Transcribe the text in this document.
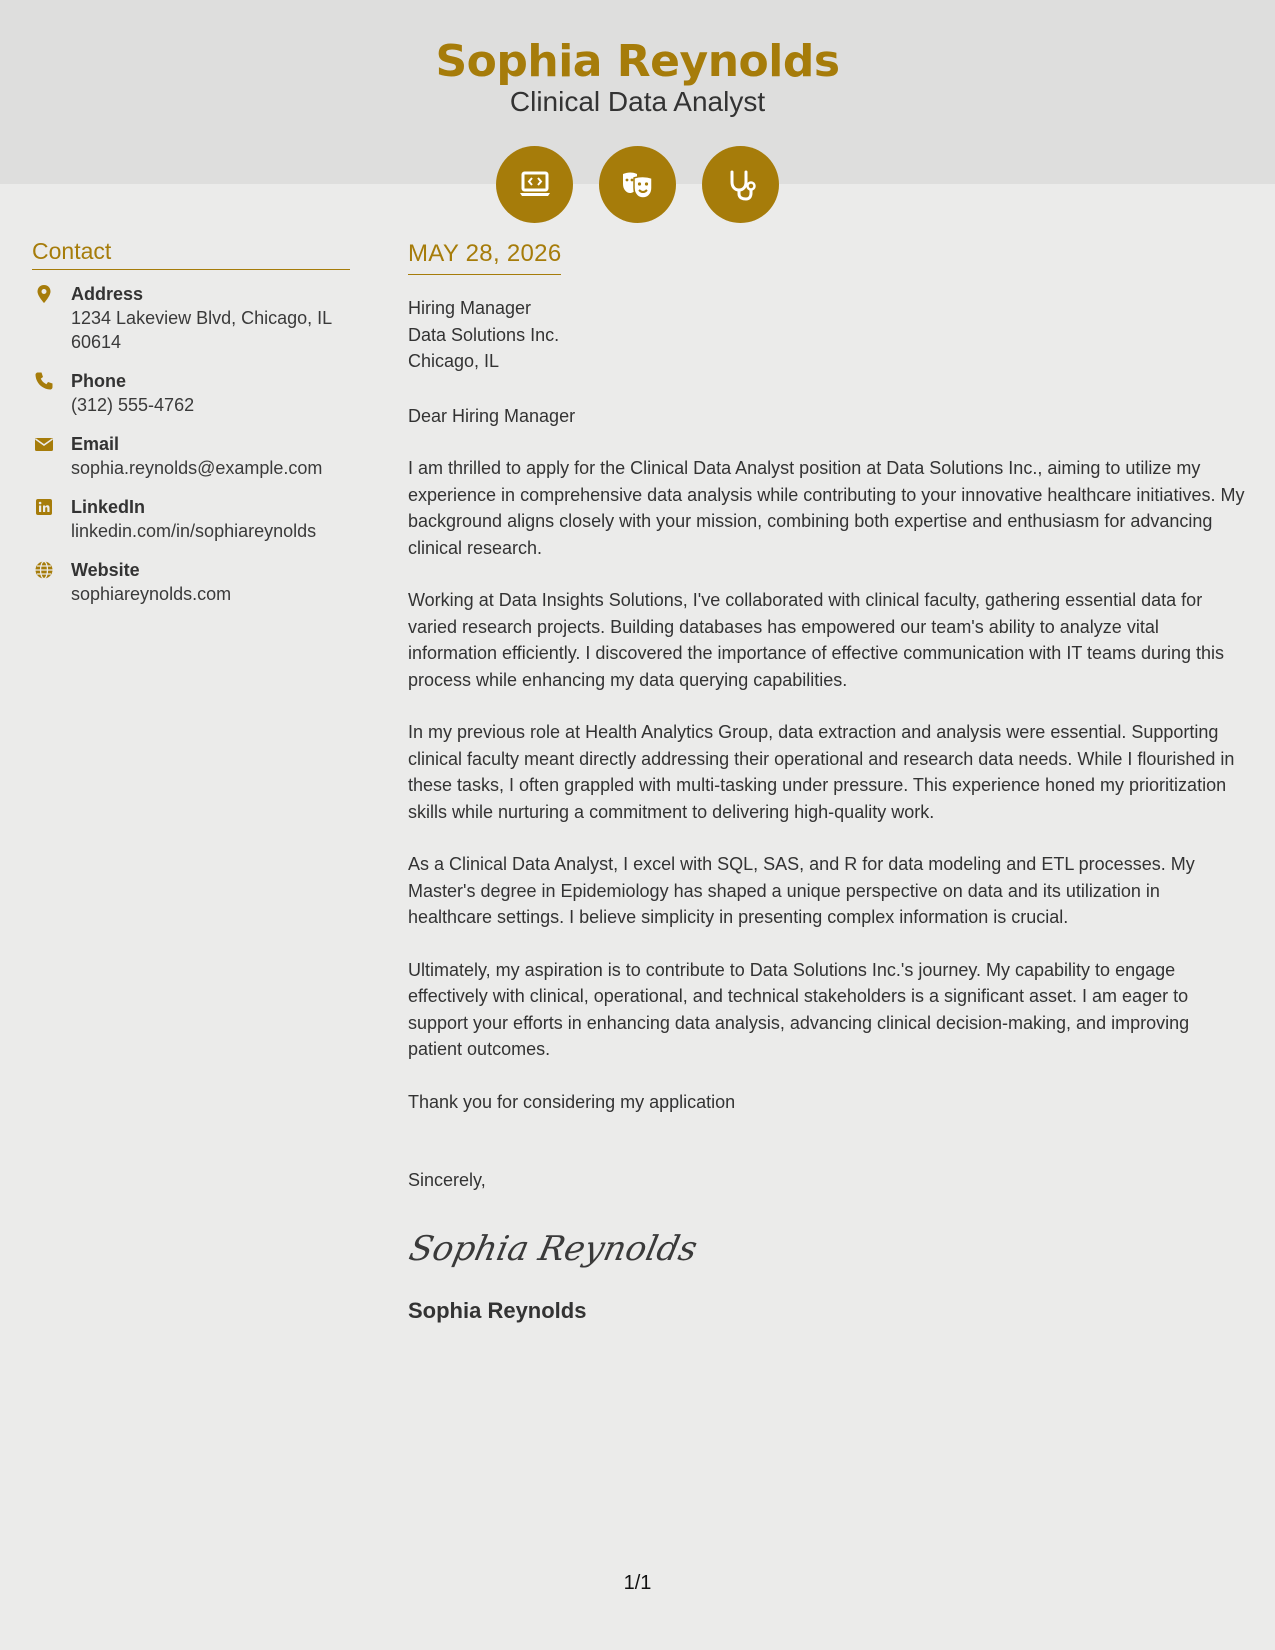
Sophia Reynolds
Clinical Data Analyst
Contact
Address
1234 Lakeview Blvd, Chicago, IL 60614
Phone
(312) 555-4762
Email
sophia.reynolds@example.com
LinkedIn
linkedin.com/in/sophiareynolds
Website
sophiareynolds.com
MAY 28, 2026
Hiring Manager
Data Solutions Inc.
Chicago, IL
Dear Hiring Manager
I am thrilled to apply for the Clinical Data Analyst position at Data Solutions Inc., aiming to utilize my experience in comprehensive data analysis while contributing to your innovative healthcare initiatives. My background aligns closely with your mission, combining both expertise and enthusiasm for advancing clinical research.
Working at Data Insights Solutions, I've collaborated with clinical faculty, gathering essential data for varied research projects. Building databases has empowered our team's ability to analyze vital information efficiently. I discovered the importance of effective communication with IT teams during this process while enhancing my data querying capabilities.
In my previous role at Health Analytics Group, data extraction and analysis were essential. Supporting clinical faculty meant directly addressing their operational and research data needs. While I flourished in these tasks, I often grappled with multi-tasking under pressure. This experience honed my prioritization skills while nurturing a commitment to delivering high-quality work.
As a Clinical Data Analyst, I excel with SQL, SAS, and R for data modeling and ETL processes. My Master's degree in Epidemiology has shaped a unique perspective on data and its utilization in healthcare settings. I believe simplicity in presenting complex information is crucial.
Ultimately, my aspiration is to contribute to Data Solutions Inc.'s journey. My capability to engage effectively with clinical, operational, and technical stakeholders is a significant asset. I am eager to support your efforts in enhancing data analysis, advancing clinical decision-making, and improving patient outcomes.
Thank you for considering my application
Sincerely,
Sophia Reynolds
Sophia Reynolds
1/1
